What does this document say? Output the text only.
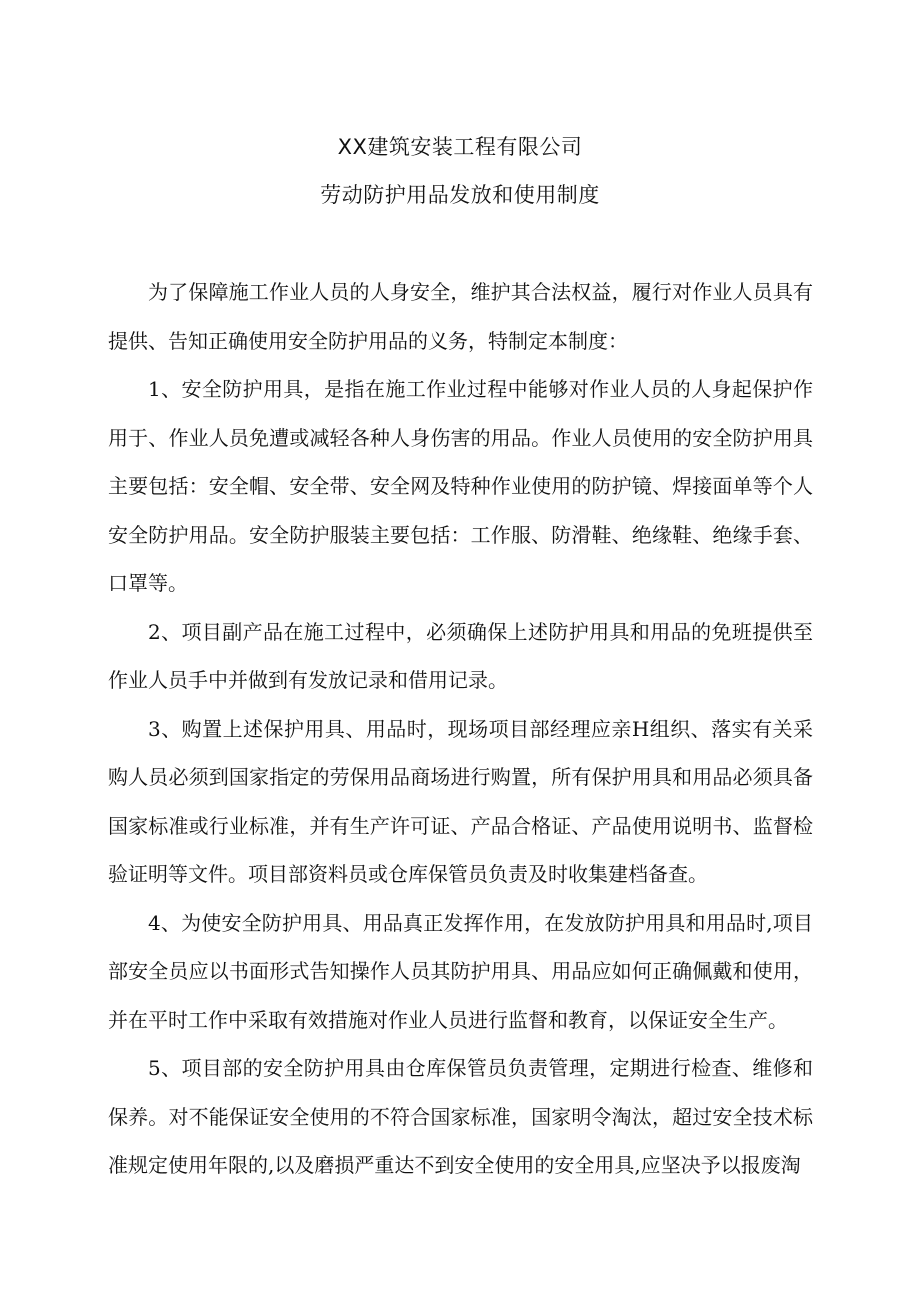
XX建筑安装工程有限公司
劳动防护用品发放和使用制度

为了保障施工作业人员的人身安全，维护其合法权益，履行对作业人员具有提供、告知正确使用安全防护用品的义务，特制定本制度：

1、安全防护用具，是指在施工作业过程中能够对作业人员的人身起保护作用于、作业人员免遭或减轻各种人身伤害的用品。作业人员使用的安全防护用具主要包括：安全帽、安全带、安全网及特种作业使用的防护镜、焊接面单等个人安全防护用品。安全防护服装主要包括：工作服、防滑鞋、绝缘鞋、绝缘手套、口罩等。

2、项目副产品在施工过程中，必须确保上述防护用具和用品的免班提供至作业人员手中并做到有发放记录和借用记录。

3、购置上述保护用具、用品时，现场项目部经理应亲H组织、落实有关采购人员必须到国家指定的劳保用品商场进行购置，所有保护用具和用品必须具备国家标准或行业标准，并有生产许可证、产品合格证、产品使用说明书、监督检验证明等文件。项目部资料员或仓库保管员负责及时收集建档备查。

4、为使安全防护用具、用品真正发挥作用，在发放防护用具和用品时,项目部安全员应以书面形式告知操作人员其防护用具、用品应如何正确佩戴和使用，并在平时工作中采取有效措施对作业人员进行监督和教育，以保证安全生产。

5、项目部的安全防护用具由仓库保管员负责管理，定期进行检查、维修和保养。对不能保证安全使用的不符合国家标准，国家明令淘汰，超过安全技术标准规定使用年限的,以及磨损严重达不到安全使用的安全用具,应坚决予以报废淘
